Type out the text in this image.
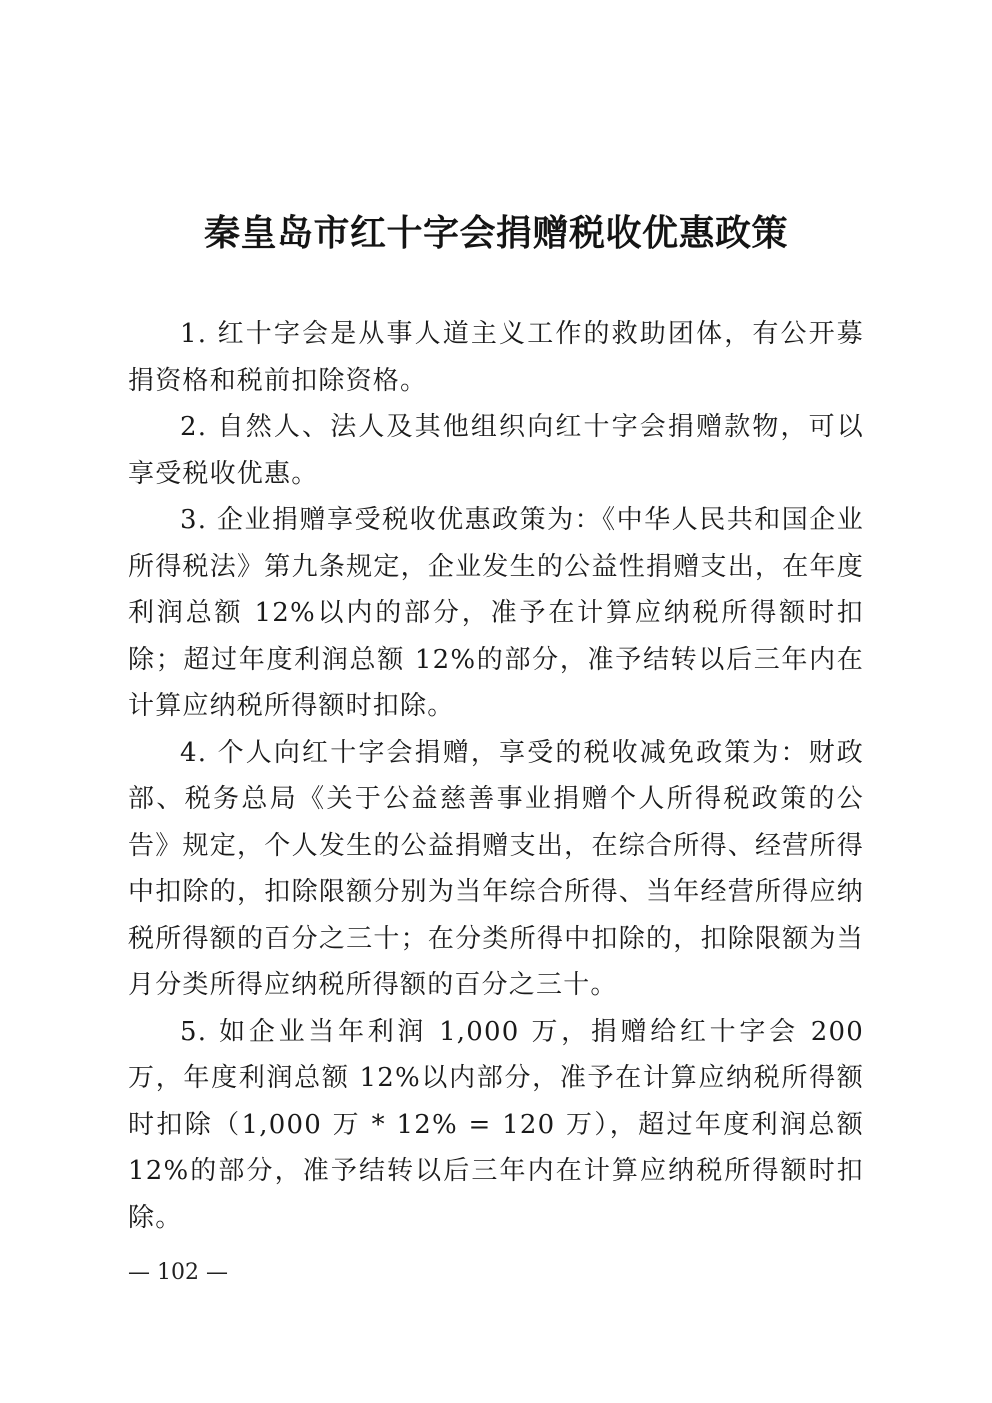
秦皇岛市红十字会捐赠税收优惠政策

1. 红十字会是从事人道主义工作的救助团体，有公开募捐资格和税前扣除资格。

2. 自然人、法人及其他组织向红十字会捐赠款物，可以享受税收优惠。

3. 企业捐赠享受税收优惠政策为：《中华人民共和国企业所得税法》第九条规定，企业发生的公益性捐赠支出，在年度利润总额 12%以内的部分，准予在计算应纳税所得额时扣除；超过年度利润总额 12%的部分，准予结转以后三年内在计算应纳税所得额时扣除。

4. 个人向红十字会捐赠，享受的税收减免政策为：财政部、税务总局《关于公益慈善事业捐赠个人所得税政策的公告》规定，个人发生的公益捐赠支出，在综合所得、经营所得中扣除的，扣除限额分别为当年综合所得、当年经营所得应纳税所得额的百分之三十；在分类所得中扣除的，扣除限额为当月分类所得应纳税所得额的百分之三十。

5. 如企业当年利润 1,000 万，捐赠给红十字会 200 万，年度利润总额 12%以内部分，准予在计算应纳税所得额时扣除（1,000 万 * 12% = 120 万），超过年度利润总额 12%的部分，准予结转以后三年内在计算应纳税所得额时扣除。

— 102 —
